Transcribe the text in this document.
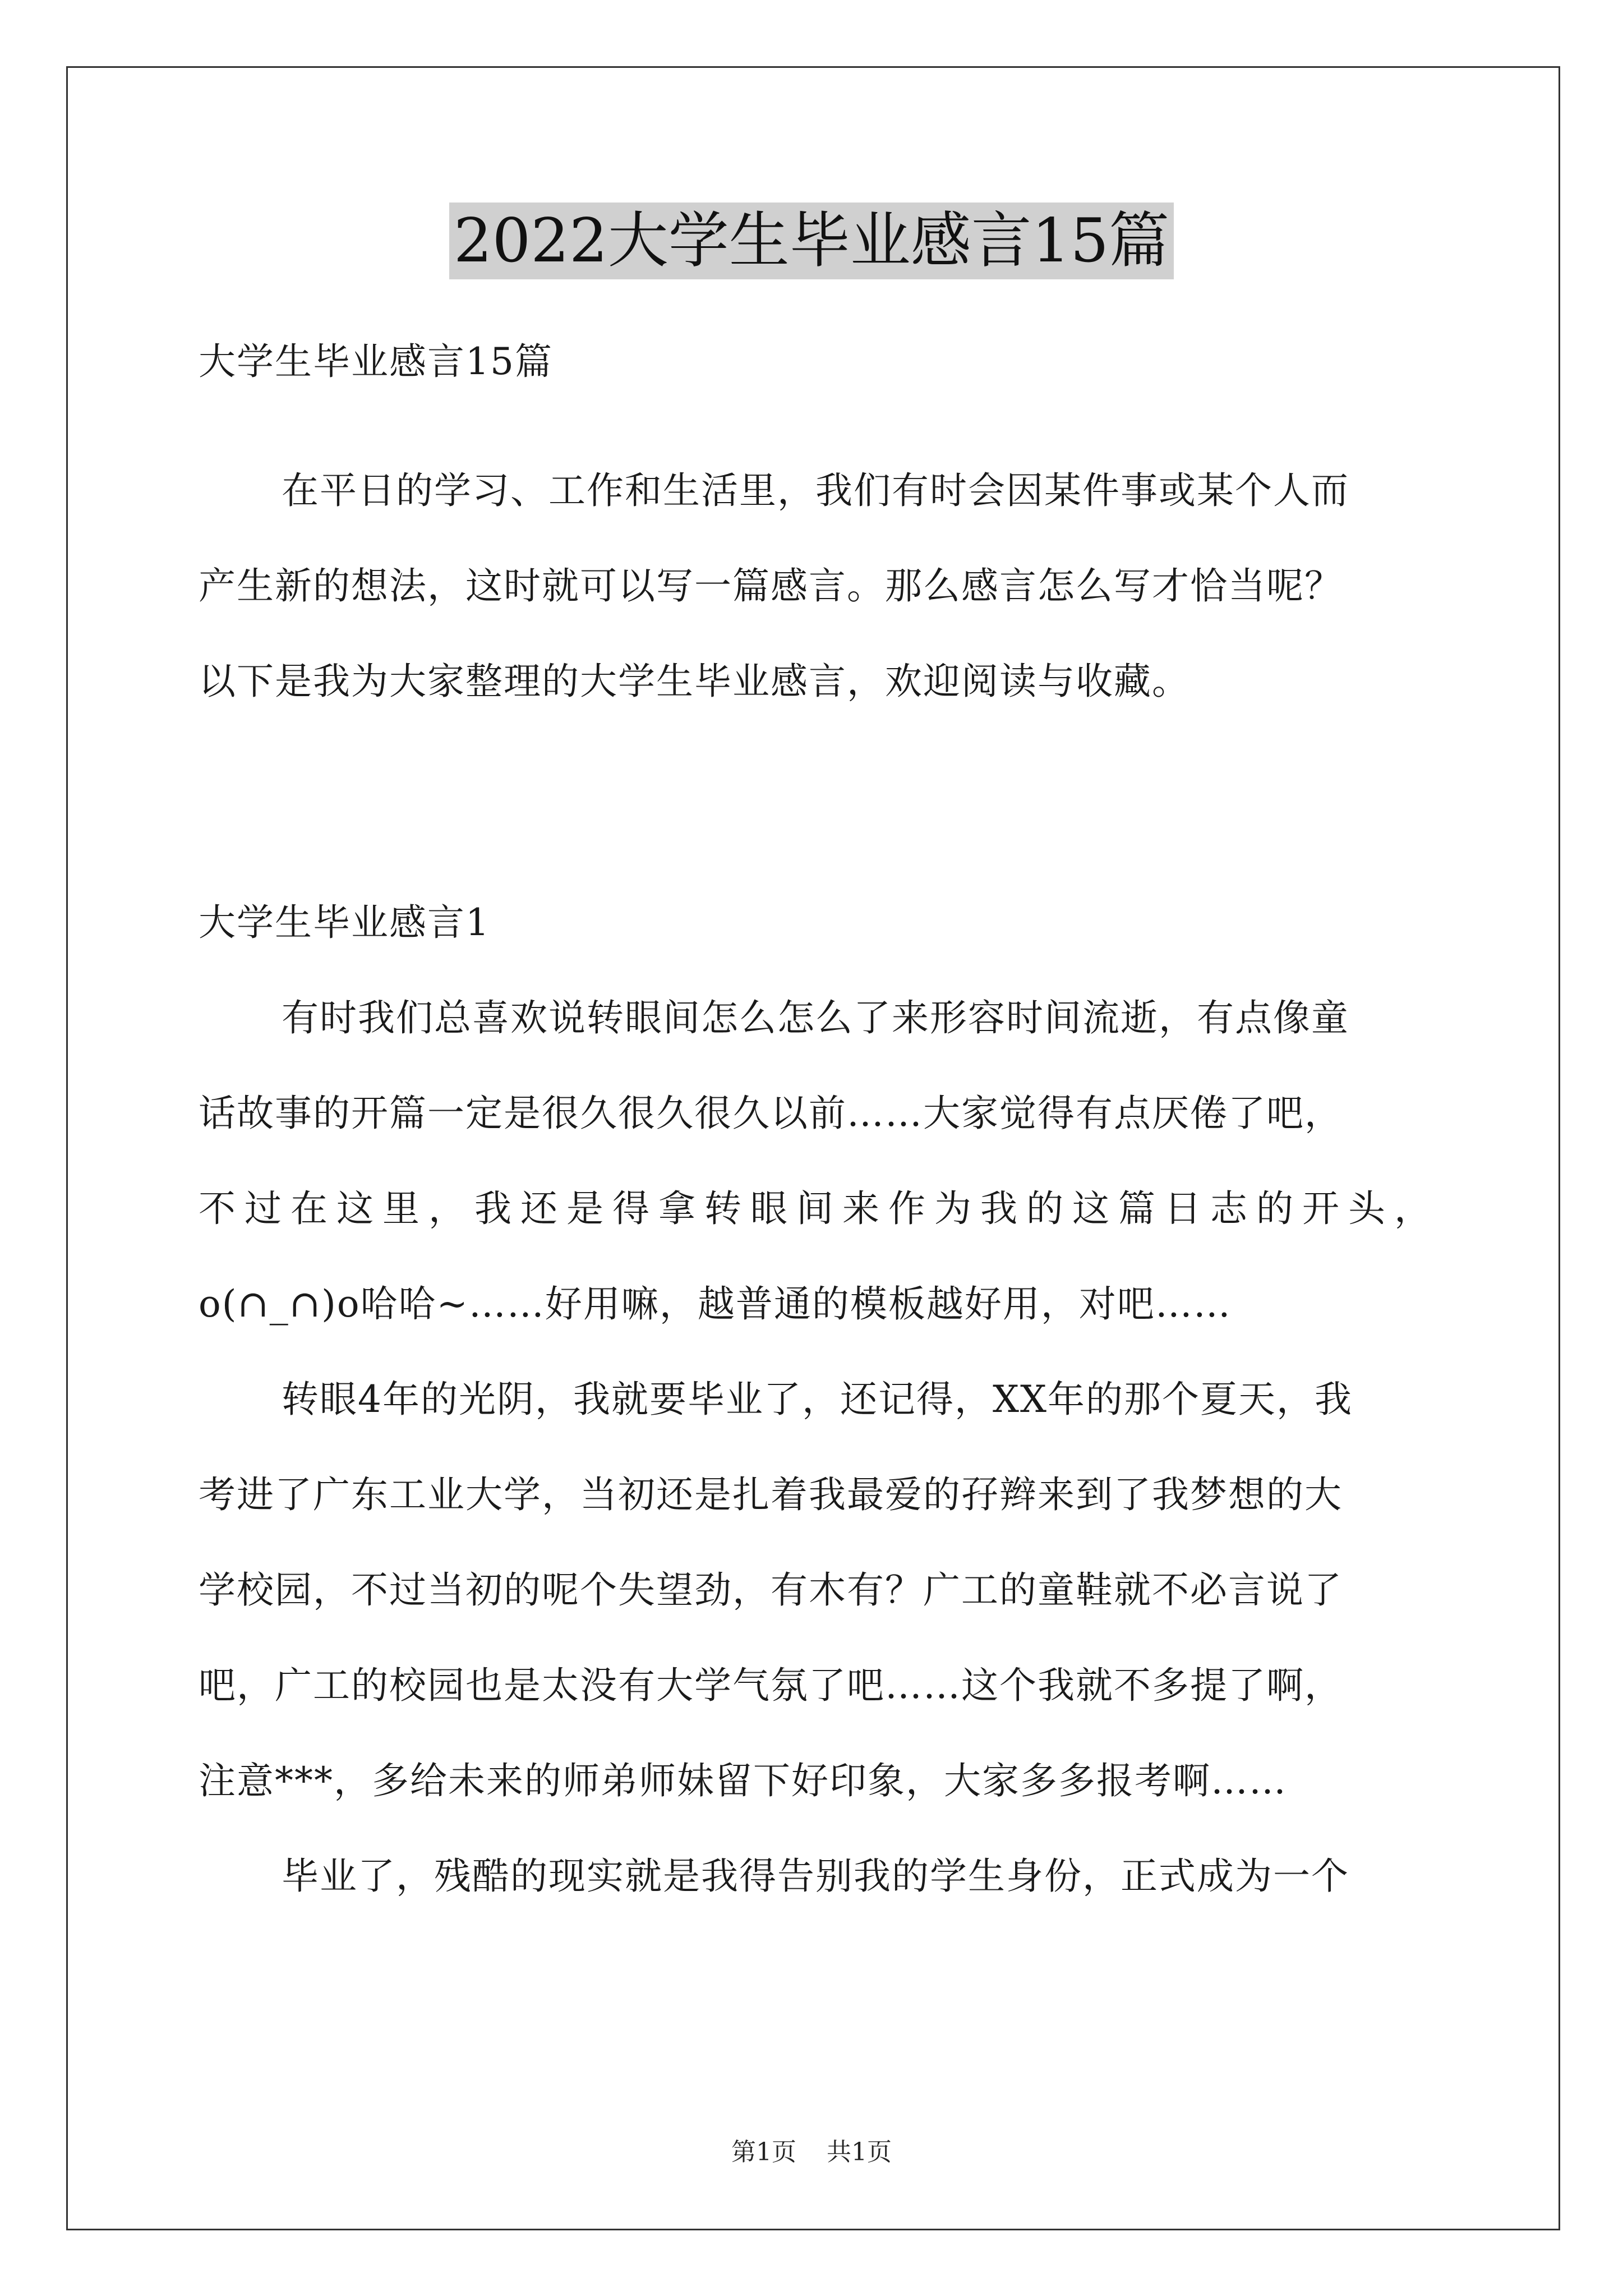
2022大学生毕业感言15篇
大学生毕业感言15篇
在平日的学习、工作和生活里，我们有时会因某件事或某个人而
产生新的想法，这时就可以写一篇感言。那么感言怎么写才恰当呢？
以下是我为大家整理的大学生毕业感言，欢迎阅读与收藏。
大学生毕业感言1
有时我们总喜欢说转眼间怎么怎么了来形容时间流逝，有点像童
话故事的开篇一定是很久很久很久以前……大家觉得有点厌倦了吧，
不过在这里，我还是得拿转眼间来作为我的这篇日志的开头，
o(∩_∩)o哈哈~……好用嘛，越普通的模板越好用，对吧……
转眼4年的光阴，我就要毕业了，还记得，XX年的那个夏天，我
考进了广东工业大学，当初还是扎着我最爱的孖辫来到了我梦想的大
学校园，不过当初的呢个失望劲，有木有？广工的童鞋就不必言说了
吧，广工的校园也是太没有大学气氛了吧……这个我就不多提了啊，
注意***，多给未来的师弟师妹留下好印象，大家多多报考啊……
毕业了，残酷的现实就是我得告别我的学生身份，正式成为一个
第1页 共1页
